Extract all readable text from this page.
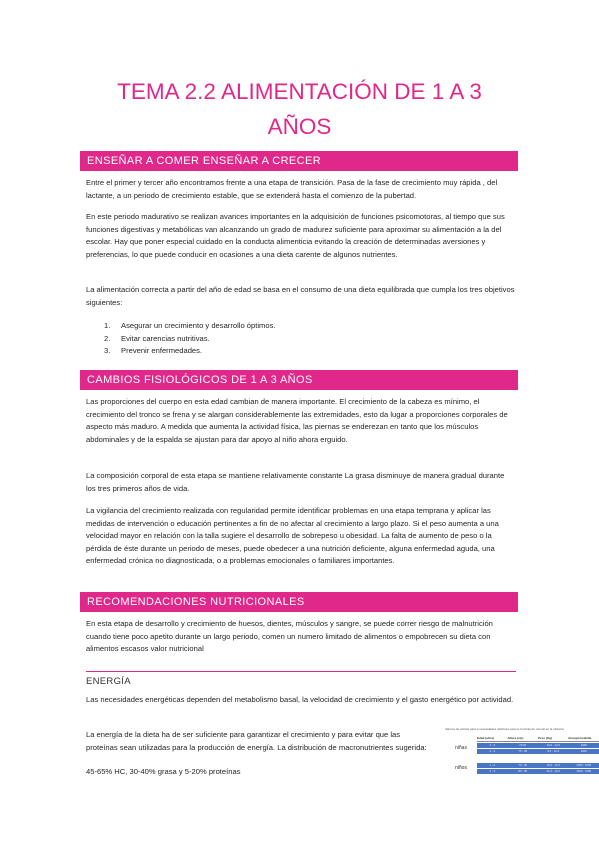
TEMA 2.2 ALIMENTACIÓN DE 1 A 3
AÑOS
ENSEÑAR A COMER ENSEÑAR A CRECER

Entre el primer y tercer año encontramos frente a una etapa de transición. Pasa de la fase de crecimiento muy rápida , del lactante, a un periodo de crecimiento estable, que se extenderá hasta el comienzo de la pubertad.

En este periodo madurativo se realizan avances importantes en la adquisición de funciones psicomotoras, al tiempo que sus funciones digestivas y metabólicas van alcanzando un grado de madurez suficiente para aproximar su alimentación a la del escolar. Hay que poner especial cuidado en la conducta alimenticia evitando la creación de determinadas aversiones y preferencias, lo que puede conducir en ocasiones a una dieta carente de algunos nutrientes.

La alimentación correcta a partir del año de edad se basa en el consumo de una dieta equilibrada que cumpla los tres objetivos siguientes:

1. Asegurar un crecimiento y desarrollo óptimos.
2. Evitar carencias nutritivas.
3. Prevenir enfermedades.
CAMBIOS FISIOLÓGICOS DE 1 A 3 AÑOS

Las proporciones del cuerpo en esta edad cambian de manera importante. El crecimiento de la cabeza es mínimo, el crecimiento del tronco se frena y se alargan considerablemente las extremidades, esto da lugar a proporciones corporales de aspecto más maduro. A medida que aumenta la actividad física, las piernas se enderezan en tanto que los músculos abdominales y de la espalda se ajustan para dar apoyo al niño ahora erguido.

La composición corporal de esta etapa se mantiene relativamente constante La grasa disminuye de manera gradual durante los tres primeros años de vida.

La vigilancia del crecimiento realizada con regularidad permite identificar problemas en una etapa temprana y aplicar las medidas de intervención o educación pertinentes a fin de no afectar al crecimiento a largo plazo. Si el peso aumenta a una velocidad mayor en relación con la talla sugiere el desarrollo de sobrepeso u obesidad. La falta de aumento de peso o la pérdida de éste durante un periodo de meses, puede obedecer a una nutrición deficiente, alguna enfermedad aguda, una enfermedad crónica no diagnosticada, o a problemas emocionales o familiares importantes.

RECOMENDACIONES NUTRICIONALES

En esta etapa de desarrollo y crecimiento de huesos, dientes, músculos y sangre, se puede correr riesgo de malnutrición cuando tiene poco apetito durante un largo periodo, comen un numero limitado de alimentos o empobrecen su dieta con alimentos escasos valor nutricional

ENERGÍA

Las necesidades energéticas dependen del metabolismo basal, la velocidad de crecimiento y el gasto energético por actividad.

La energía de la dieta ha de ser suficiente para garantizar el crecimiento y para evitar que las proteínas sean utilizadas para la producción de energía. La distribución de macronutrientes sugerida:

45-65% HC, 30-40% grasa y 5-20% proteínas

Valores de ofertas para a necesidades calóricas para el crecimiento normal en la infancia
Edad (años)	Altura (cm)	Peso (Kg)	Energía kcal/día
niñas	1 - 2	70-87	10,0 - 12,0	1000
2 - 3	75 - 95	9,0 - 12,0	1100
niños	1 - 2	70 - 90	10,0 - 12,5	1000 - 1200
2 - 3	80 - 95	11,0 - 14,5	1100 - 1300
